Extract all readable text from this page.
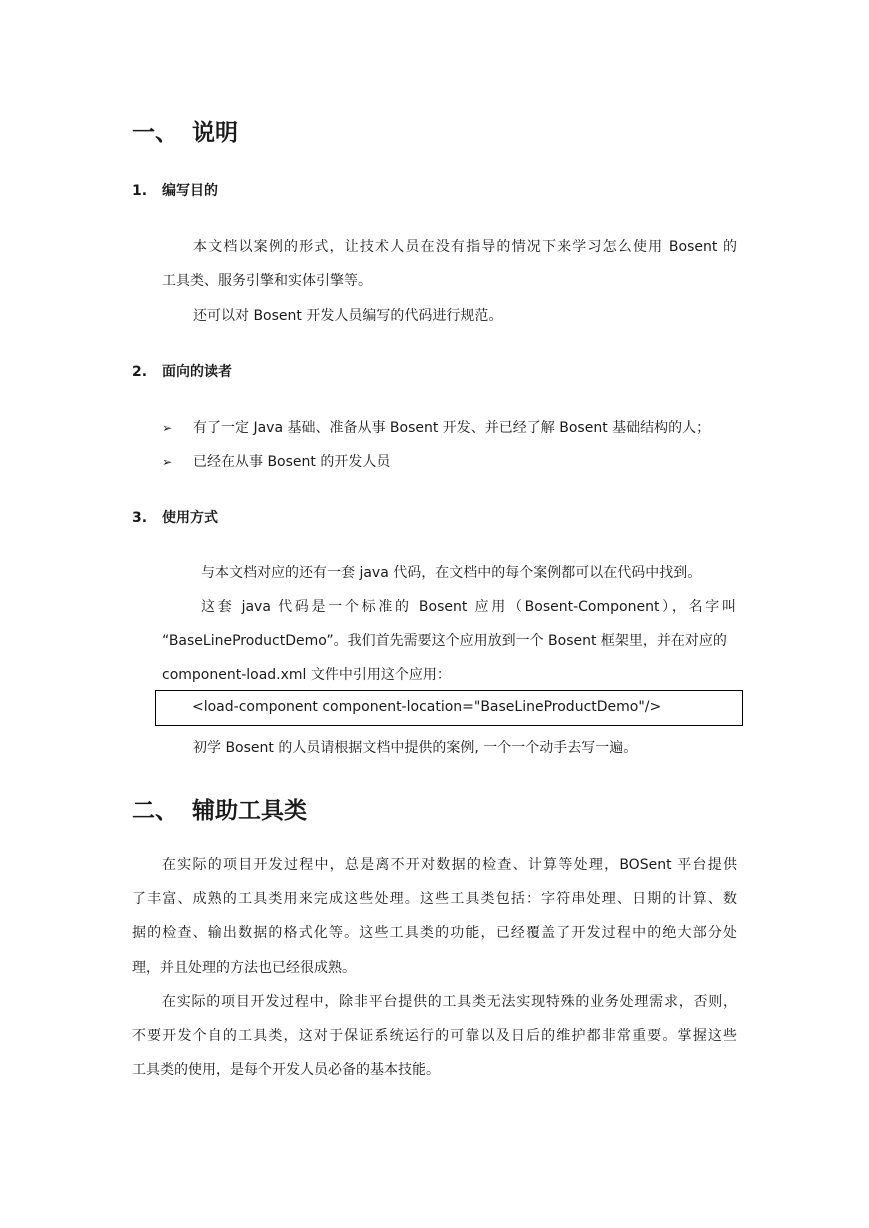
一、 说明
1. 编写目的
本文档以案例的形式，让技术人员在没有指导的情况下来学习怎么使用 Bosent 的
工具类、服务引擎和实体引擎等。
还可以对 Bosent 开发人员编写的代码进行规范。
2. 面向的读者
➢ 有了一定 Java 基础、准备从事 Bosent 开发、并已经了解 Bosent 基础结构的人；
➢ 已经在从事 Bosent 的开发人员
3. 使用方式
与本文档对应的还有一套 java 代码，在文档中的每个案例都可以在代码中找到。
这套 java 代码是一个标准的 Bosent 应用（Bosent-Component），名字叫
“BaseLineProductDemo”。我们首先需要这个应用放到一个 Bosent 框架里，并在对应的
component-load.xml 文件中引用这个应用：
<load-component component-location="BaseLineProductDemo"/>
初学 Bosent 的人员请根据文档中提供的案例, 一个一个动手去写一遍。
二、 辅助工具类
在实际的项目开发过程中，总是离不开对数据的检查、计算等处理，BOSent 平台提供
了丰富、成熟的工具类用来完成这些处理。这些工具类包括：字符串处理、日期的计算、数
据的检查、输出数据的格式化等。这些工具类的功能，已经覆盖了开发过程中的绝大部分处
理，并且处理的方法也已经很成熟。
在实际的项目开发过程中，除非平台提供的工具类无法实现特殊的业务处理需求，否则，
不要开发个自的工具类，这对于保证系统运行的可靠以及日后的维护都非常重要。掌握这些
工具类的使用，是每个开发人员必备的基本技能。
